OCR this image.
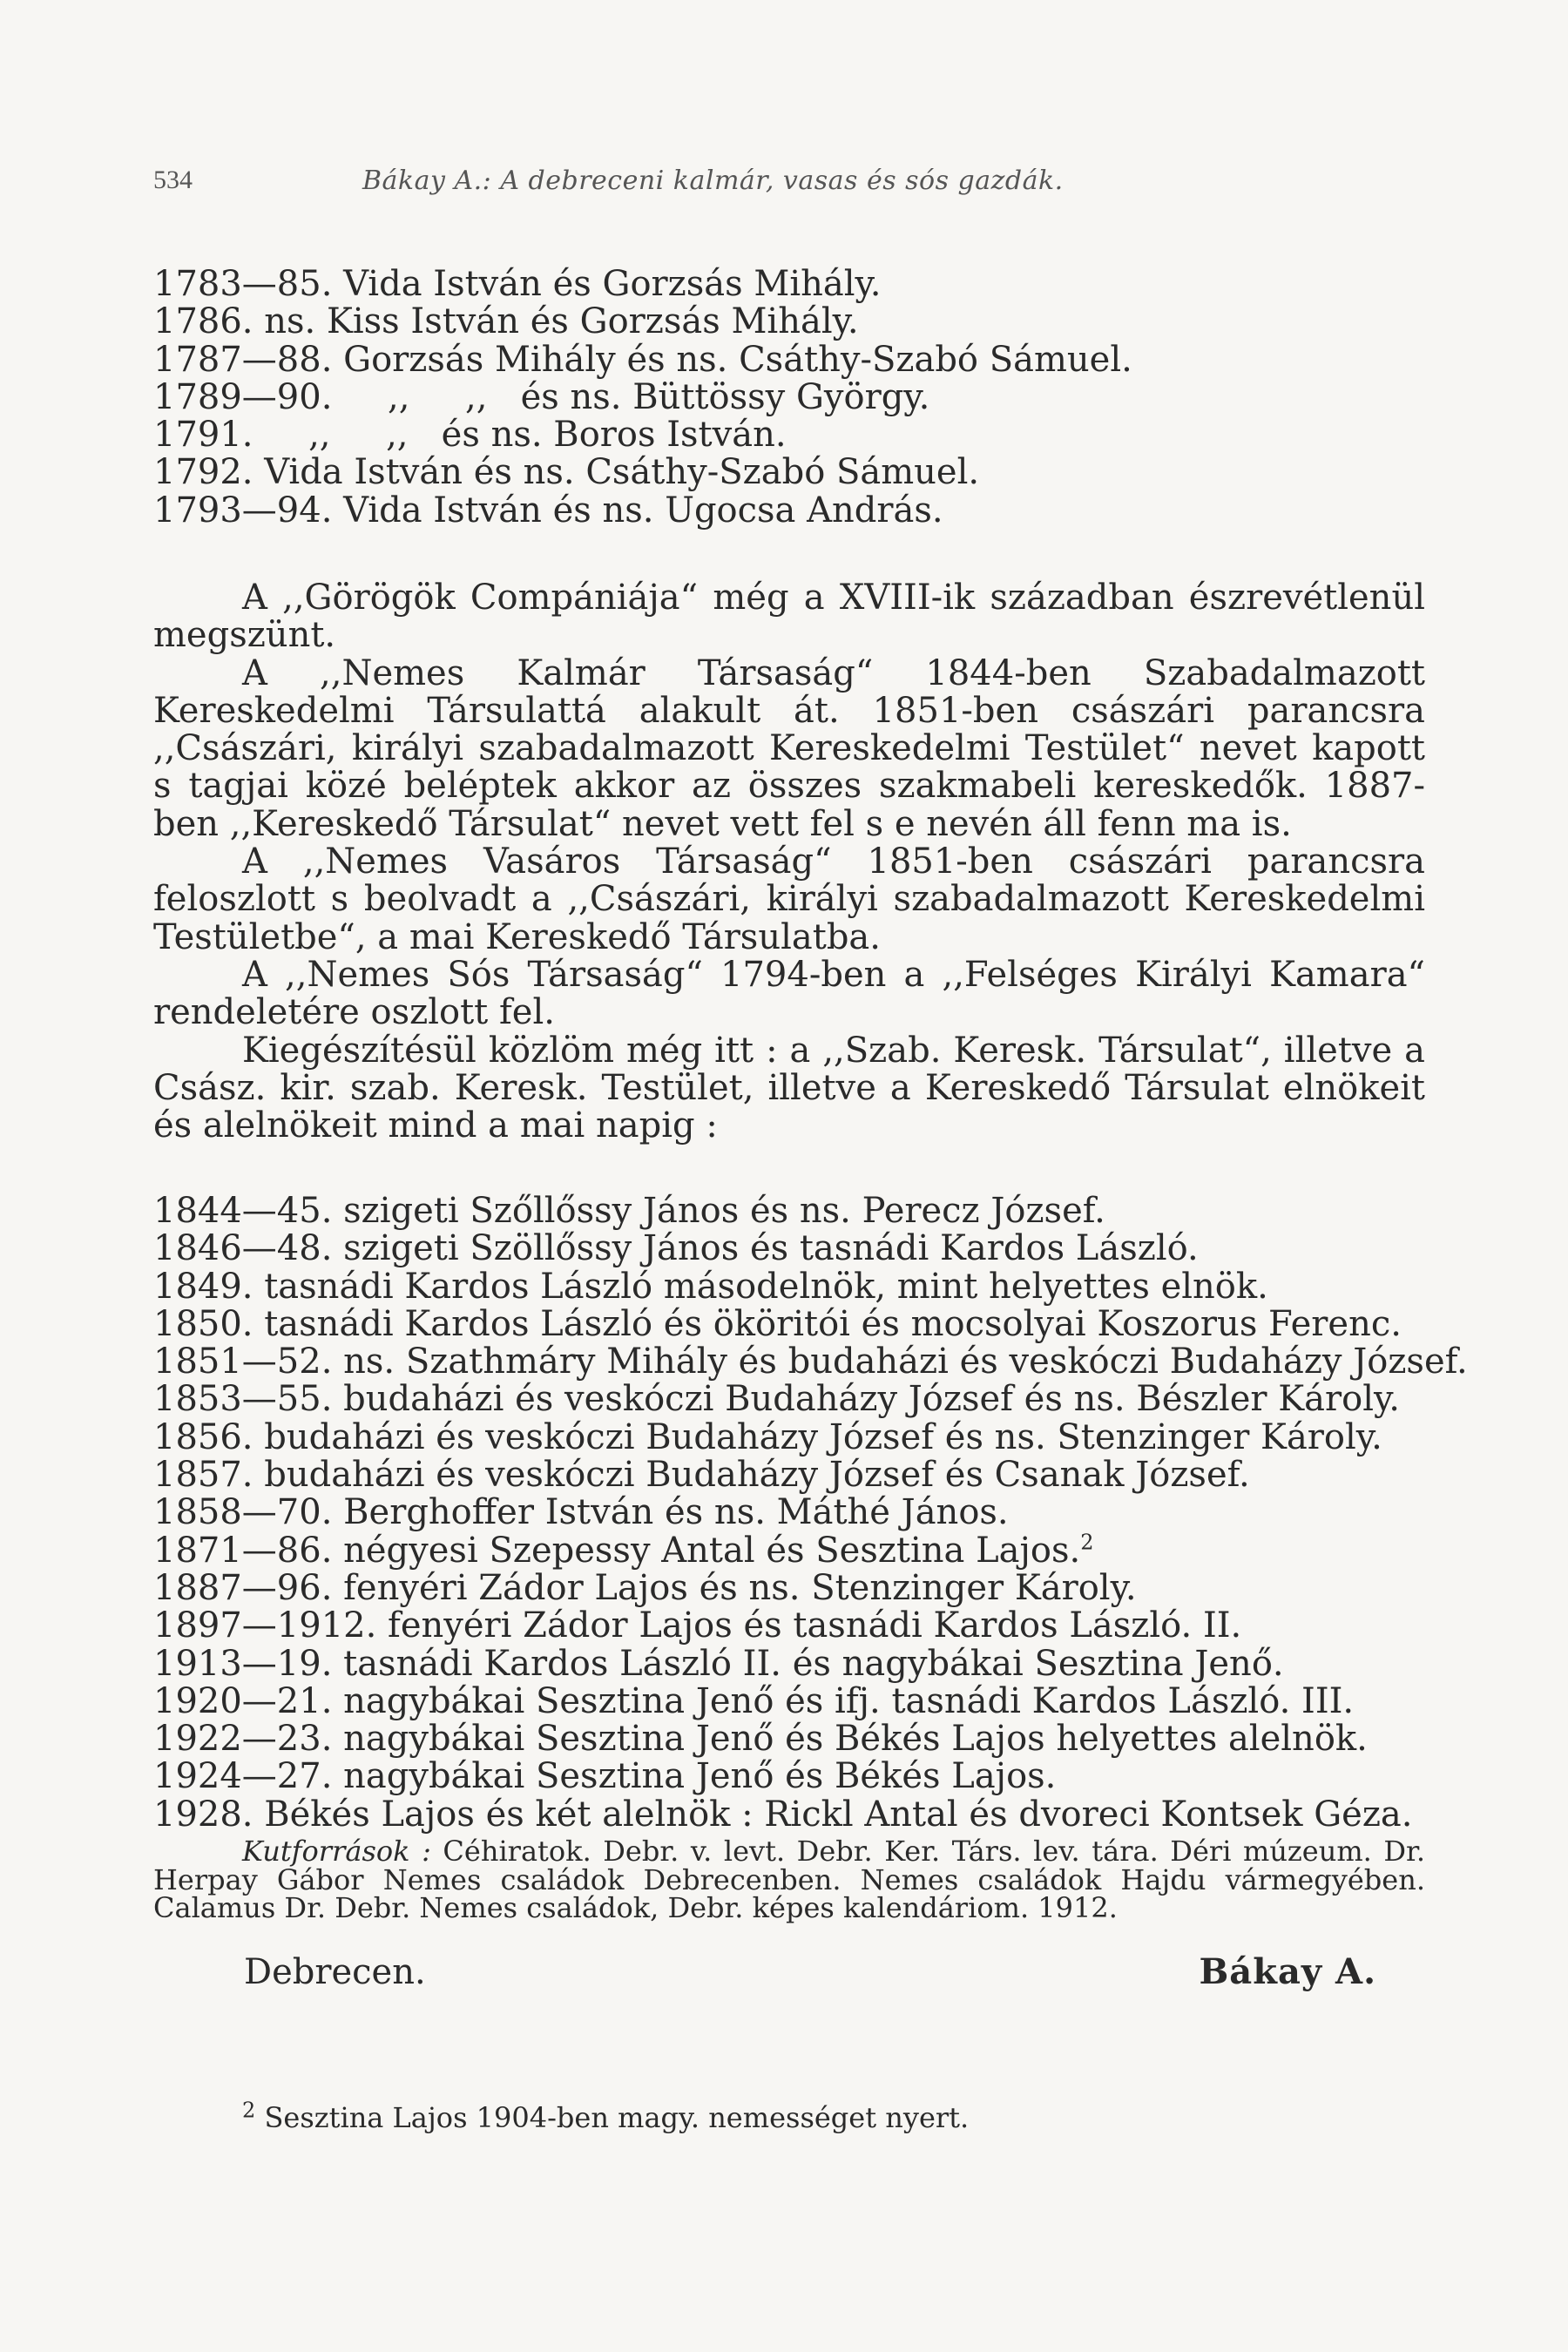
534	Bákay A.: A debreceni kalmár, vasas és sós gazdák.
1783—85. Vida István és Gorzsás Mihály.
1786. ns. Kiss István és Gorzsás Mihály.
1787—88. Gorzsás Mihály és ns. Csáthy-Szabó Sámuel.
1789—90.     ,,     ,,   és ns. Büttössy György.
1791.     ,,     ,,   és ns. Boros István.
1792. Vida István és ns. Csáthy-Szabó Sámuel.
1793—94. Vida István és ns. Ugocsa András.

A ,,Görögök Compániája“ még a XVIII-ik században észrevétlenül megszünt.

A ,,Nemes Kalmár Társaság“ 1844-ben Szabadalmazott Kereskedelmi Társulattá alakult át. 1851-ben császári parancsra ,,Császári, királyi szabadalmazott Kereskedelmi Testület“ nevet kapott s tagjai közé beléptek akkor az összes szakmabeli kereskedők. 1887-ben ,,Kereskedő Társulat“ nevet vett fel s e nevén áll fenn ma is.

A ,,Nemes Vasáros Társaság“ 1851-ben császári parancsra feloszlott s beolvadt a ,,Császári, királyi szabadalmazott Kereskedelmi Testületbe“, a mai Kereskedő Társulatba.

A ,,Nemes Sós Társaság“ 1794-ben a ,,Felséges Királyi Kamara“ rendeletére oszlott fel.

Kiegészítésül közlöm még itt : a ,,Szab. Keresk. Társulat“, illetve a Csász. kir. szab. Keresk. Testület, illetve a Kereskedő Társulat elnökeit és alelnökeit mind a mai napig :

1844—45. szigeti Szőllőssy János és ns. Perecz József.
1846—48. szigeti Szöllőssy János és tasnádi Kardos László.
1849. tasnádi Kardos László másodelnök, mint helyettes elnök.
1850. tasnádi Kardos László és ököritói és mocsolyai Koszorus Ferenc.
1851—52. ns. Szathmáry Mihály és budaházi és veskóczi Budaházy József.
1853—55. budaházi és veskóczi Budaházy József és ns. Bészler Károly.
1856. budaházi és veskóczi Budaházy József és ns. Stenzinger Károly.
1857. budaházi és veskóczi Budaházy József és Csanak József.
1858—70. Berghoffer István és ns. Máthé János.
1871—86. négyesi Szepessy Antal és Sesztina Lajos.$^2$
1887—96. fenyéri Zádor Lajos és ns. Stenzinger Károly.
1897—1912. fenyéri Zádor Lajos és tasnádi Kardos László. II.
1913—19. tasnádi Kardos László II. és nagybákai Sesztina Jenő.
1920—21. nagybákai Sesztina Jenő és ifj. tasnádi Kardos László. III.
1922—23. nagybákai Sesztina Jenő és Békés Lajos helyettes alelnök.
1924—27. nagybákai Sesztina Jenő és Békés Lajos.
1928. Békés Lajos és két alelnök : Rickl Antal és dvoreci Kontsek Géza.
Kutforrások : Céhiratok. Debr. v. levt. Debr. Ker. Társ. lev. tára. Déri múzeum. Dr. Herpay Gábor Nemes családok Debrecenben. Nemes családok Hajdu vármegyében. Calamus Dr. Debr. Nemes családok, Debr. képes kalendáriom. 1912.
Debrecen.	Bákay A.
$^2$ Sesztina Lajos 1904-ben magy. nemességet nyert.
